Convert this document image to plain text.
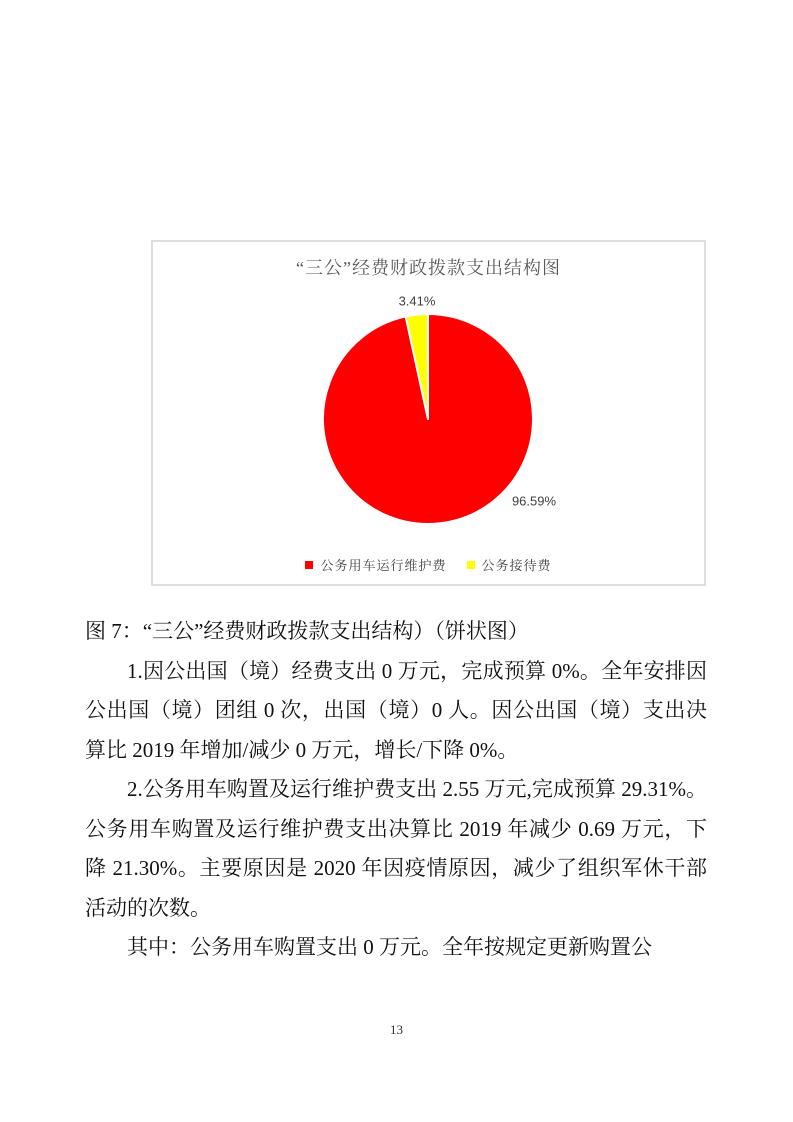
“三公”经费财政拨款支出结构图
3.41%
96.59%
公务用车运行维护费	公务接待费

图 7：“三公”经费财政拨款支出结构）（饼状图）

1.因公出国（境）经费支出 0 万元，完成预算 0%。全年安排因公出国（境）团组 0 次，出国（境）0 人。因公出国（境）支出决算比 2019 年增加/减少 0 万元，增长/下降 0%。

2.公务用车购置及运行维护费支出 2.55 万元,完成预算 29.31%。公务用车购置及运行维护费支出决算比 2019 年减少 0.69 万元，下降 21.30%。主要原因是 2020 年因疫情原因，减少了组织军休干部活动的次数。

其中：公务用车购置支出 0 万元。全年按规定更新购置公

13
